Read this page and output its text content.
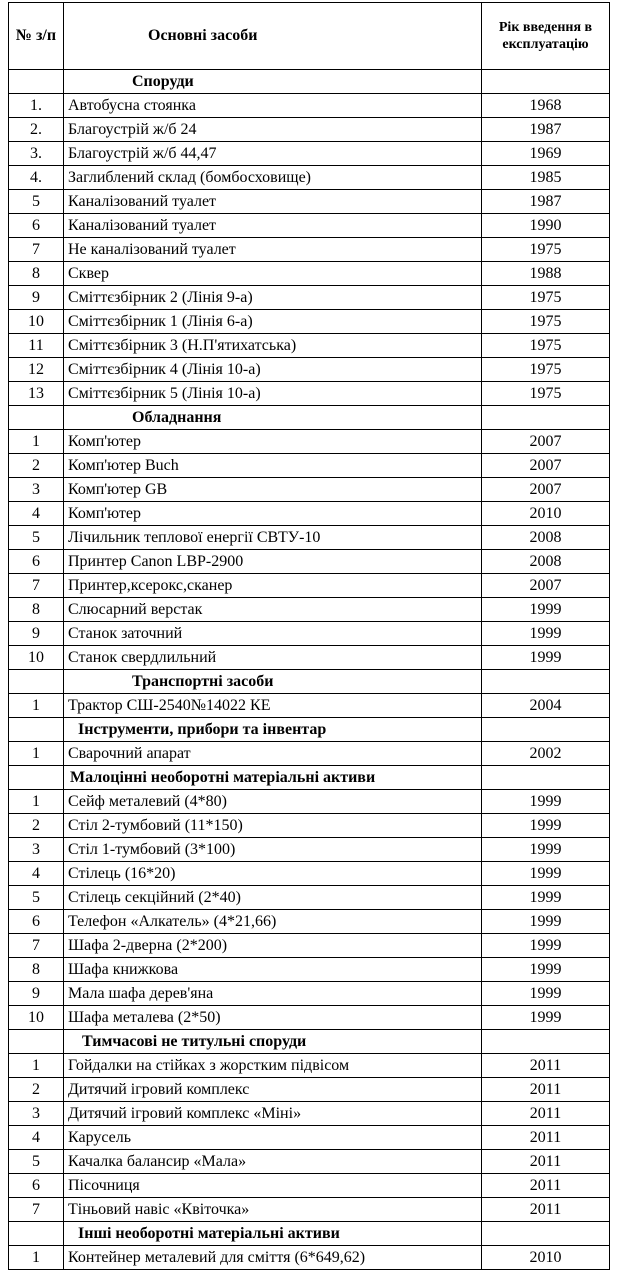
№ з/п	Основні засоби	Рік введення в експлуатацію
	Споруди	
1.	Автобусна стоянка	1968
2.	Благоустрій ж/б 24	1987
3.	Благоустрій ж/б 44,47	1969
4.	Заглиблений склад (бомбосховище)	1985
5	Каналізований туалет	1987
6	Каналізований туалет	1990
7	Не каналізований туалет	1975
8	Сквер	1988
9	Сміттєзбірник 2 (Лінія 9-а)	1975
10	Сміттєзбірник 1 (Лінія 6-а)	1975
11	Сміттєзбірник 3 (Н.П'ятихатська)	1975
12	Сміттєзбірник 4 (Лінія 10-а)	1975
13	Сміттєзбірник 5 (Лінія 10-а)	1975
	Обладнання	
1	Комп'ютер	2007
2	Комп'ютер Buch	2007
3	Комп'ютер GB	2007
4	Комп'ютер	2010
5	Лічильник теплової енергії СВТУ-10	2008
6	Принтер Canon LBP-2900	2008
7	Принтер,ксерокс,сканер	2007
8	Слюсарний верстак	1999
9	Станок заточний	1999
10	Станок свердлильний	1999
	Транспортні засоби	
1	Трактор СШ-2540№14022 КЕ	2004
	Інструменти, прибори та інвентар	
1	Сварочний апарат	2002
	Малоцінні необоротні матеріальні активи	
1	Сейф металевий (4*80)	1999
2	Стіл 2-тумбовий (11*150)	1999
3	Стіл 1-тумбовий (3*100)	1999
4	Стілець (16*20)	1999
5	Стілець секційний (2*40)	1999
6	Телефон «Алкатель» (4*21,66)	1999
7	Шафа 2-дверна (2*200)	1999
8	Шафа книжкова	1999
9	Мала шафа дерев'яна	1999
10	Шафа металева (2*50)	1999
	Тимчасові не титульні споруди	
1	Гойдалки на стійках з жорстким підвісом	2011
2	Дитячий ігровий комплекс	2011
3	Дитячий ігровий комплекс «Міні»	2011
4	Карусель	2011
5	Качалка балансир «Мала»	2011
6	Пісочниця	2011
7	Тіньовий навіс «Квіточка»	2011
	Інші необоротні матеріальні активи	
1	Контейнер металевий для сміття (6*649,62)	2010
